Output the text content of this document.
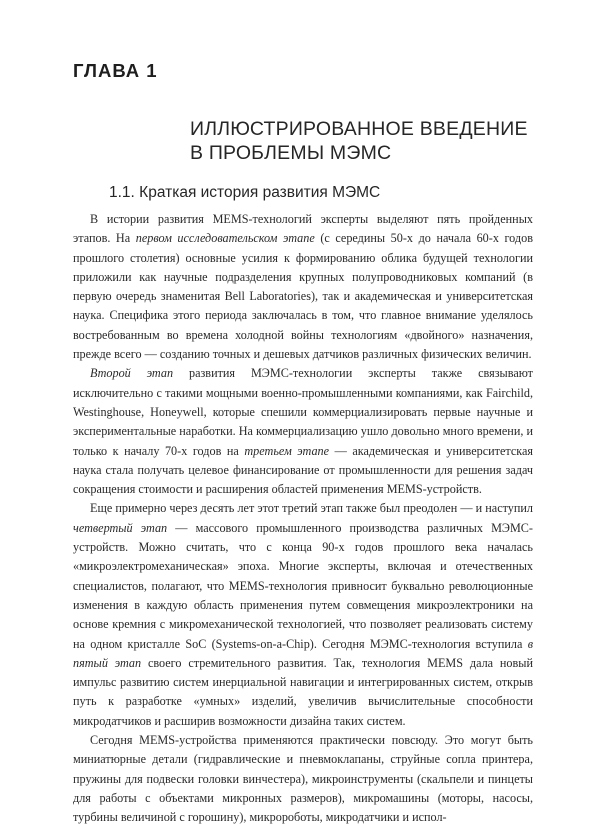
ГЛАВА 1
ИЛЛЮСТРИРОВАННОЕ ВВЕДЕНИЕ
В ПРОБЛЕМЫ МЭМС
1.1. Краткая история развития МЭМС

В истории развития MEMS-технологий эксперты выделяют пять пройденных этапов. На первом исследовательском этапе (с середины 50-х до начала 60-х годов прошлого столетия) основные усилия к формированию облика будущей технологии приложили как научные подразделения крупных полупроводниковых компаний (в первую очередь знаменитая Bell Laboratories), так и академическая и университетская наука. Специфика этого периода заключалась в том, что главное внимание уделялось востребованным во времена холодной войны технологиям «двойного» назначения, прежде всего — созданию точных и дешевых датчиков различных физических величин.

Второй этап развития МЭМС-технологии эксперты также связывают исключительно с такими мощными военно-промышленными компаниями, как Fairchild, Westinghouse, Honeywell, которые спешили коммерциализировать первые научные и экспериментальные наработки. На коммерциализацию ушло довольно много времени, и только к началу 70-х годов на третьем этапе — академическая и университетская наука стала получать целевое финансирование от промышленности для решения задач сокращения стоимости и расширения областей применения MEMS-устройств.

Еще примерно через десять лет этот третий этап также был преодолен — и наступил четвертый этап — массового промышленного производства различных МЭМС-устройств. Можно считать, что с конца 90-х годов прошлого века началась «микроэлектромеханическая» эпоха. Многие эксперты, включая и отечественных специалистов, полагают, что MEMS-технология привносит буквально революционные изменения в каждую область применения путем совмещения микроэлектроники на основе кремния с микромеханической технологией, что позволяет реализовать систему на одном кристалле SoC (Systems-on-a-Chip). Сегодня МЭМС-технология вступила в пятый этап своего стремительного развития. Так, технология MEMS дала новый импульс развитию систем инерциальной навигации и интегрированных систем, открыв путь к разработке «умных» изделий, увеличив вычислительные способности микродатчиков и расширив возможности дизайна таких систем.

Сегодня MEMS-устройства применяются практически повсюду. Это могут быть миниатюрные детали (гидравлические и пневмоклапаны, струйные сопла принтера, пружины для подвески головки винчестера), микроинструменты (скальпели и пинцеты для работы с объектами микронных размеров), микромашины (моторы, насосы, турбины величиной с горошину), микророботы, микродатчики и испол-
